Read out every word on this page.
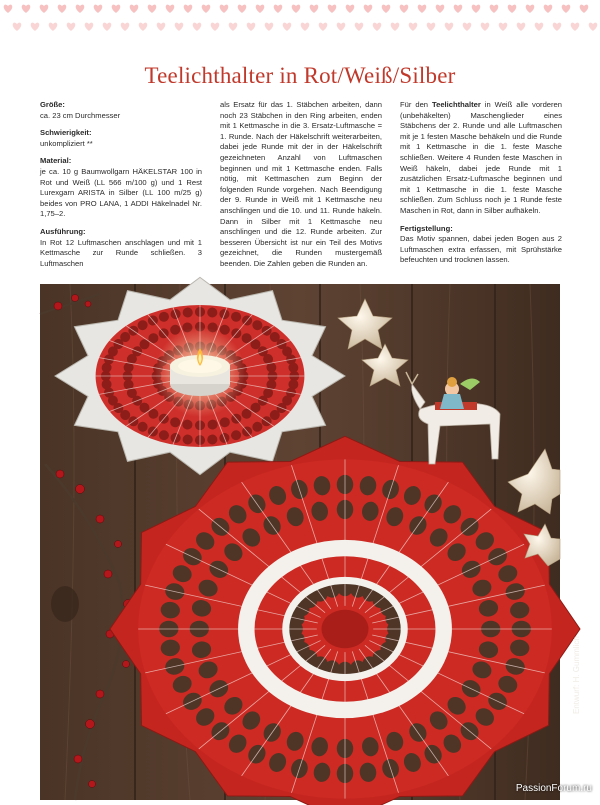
Teelichthalter in Rot/Weiß/Silber

Größe:

ca. 23 cm Durchmesser

Schwierigkeit:

unkompliziert **

Material:

je ca. 10 g Baumwollgarn HÄKELSTAR 100 in Rot und Weiß (LL 566 m/100 g) und 1 Rest Lurexgarn ARISTA in Silber (LL 100 m/25 g) beides von PRO LANA, 1 ADDI Häkelnadel Nr. 1,75–2.

Ausführung:

In Rot 12 Luftmaschen anschlagen und mit 1 Kettmasche zur Runde schließen. 3 Luftmaschen

als Ersatz für das 1. Stäbchen arbeiten, dann noch 23 Stäbchen in den Ring arbeiten, enden mit 1 Kettmasche in die 3. Ersatz-Luftmasche = 1. Runde. Nach der Häkelschrift weiterarbeiten, dabei jede Runde mit der in der Häkelschrift gezeichneten Anzahl von Luftmaschen beginnen und mit 1 Kettmasche enden. Falls nötig, mit Kettmaschen zum Beginn der folgenden Runde vorgehen. Nach Beendigung der 9. Runde in Weiß mit 1 Kettmasche neu anschlingen und die 10. und 11. Runde häkeln. Dann in Silber mit 1 Kettmasche neu anschlingen und die 12. Runde arbeiten. Zur besseren Übersicht ist nur ein Teil des Motivs gezeichnet, die Runden mustergemäß beenden. Die Zahlen geben die Runden an.

Für den Teelichthalter in Weiß alle vorderen (unbehäkelten) Maschenglieder eines Stäbchens der 2. Runde und alle Luftmaschen mit je 1 festen Masche behäkeln und die Runde mit 1 Kettmasche in die 1. feste Masche schließen. Weitere 4 Runden feste Maschen in Weiß häkeln, dabei jede Runde mit 1 zusätzlichen Ersatz-Luftmasche beginnen und mit 1 Kettmasche in die 1. feste Masche schließen. Zum Schluss noch je 1 Runde feste Maschen in Rot, dann in Silber aufhäkeln.

Fertigstellung:

Das Motiv spannen, dabei jeden Bogen aus 2 Luftmaschen extra erfassen, mit Sprühstärke befeuchten und trocknen lassen.

Entwurf: H. Gummlich
PassionForum.ru
